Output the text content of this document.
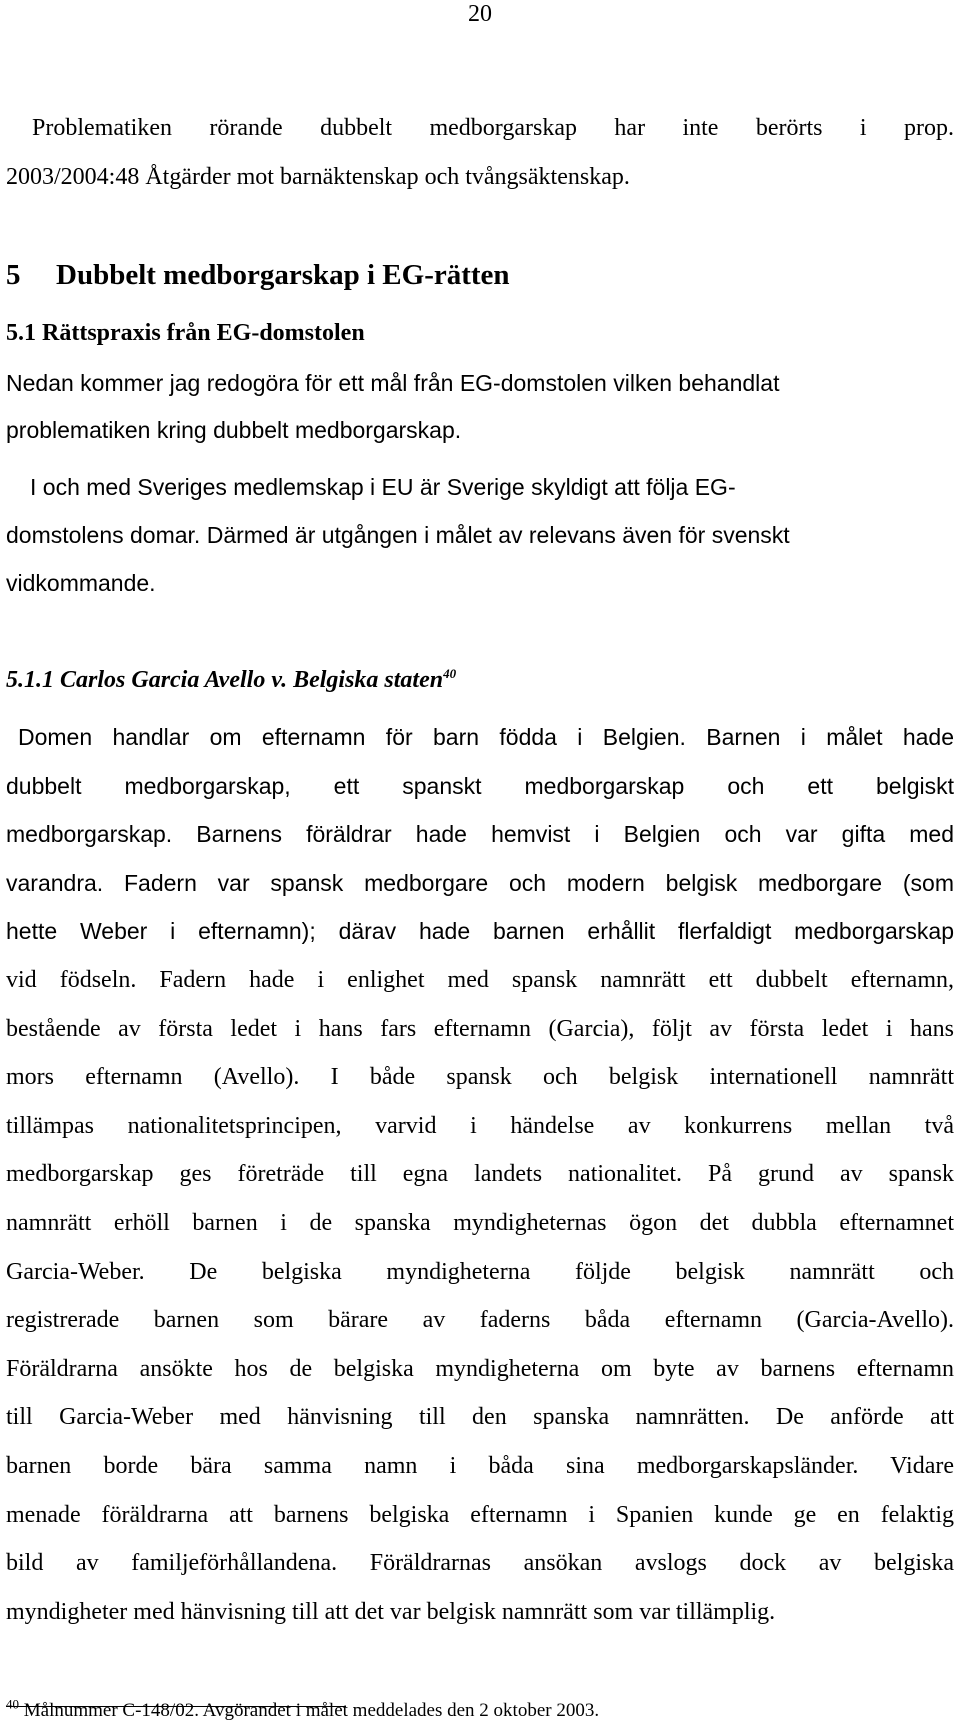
20
Problematiken rörande dubbelt medborgarskap har inte berörts i prop.
2003/2004:48 Åtgärder mot barnäktenskap och tvångsäktenskap.
5 Dubbelt medborgarskap i EG-rätten
5.1 Rättspraxis från EG-domstolen
Nedan kommer jag redogöra för ett mål från EG-domstolen vilken behandlat
problematiken kring dubbelt medborgarskap.
I och med Sveriges medlemskap i EU är Sverige skyldigt att följa EG-
domstolens domar. Därmed är utgången i målet av relevans även för svenskt
vidkommande.
5.1.1 Carlos Garcia Avello v. Belgiska staten$^{40}$
Domen handlar om efternamn för barn födda i Belgien. Barnen i målet hade
dubbelt medborgarskap, ett spanskt medborgarskap och ett belgiskt
medborgarskap. Barnens föräldrar hade hemvist i Belgien och var gifta med
varandra. Fadern var spansk medborgare och modern belgisk medborgare (som
hette Weber i efternamn); därav hade barnen erhållit flerfaldigt medborgarskap
vid födseln. Fadern hade i enlighet med spansk namnrätt ett dubbelt efternamn,
bestående av första ledet i hans fars efternamn (Garcia), följt av första ledet i hans
mors efternamn (Avello). I både spansk och belgisk internationell namnrätt
tillämpas nationalitetsprincipen, varvid i händelse av konkurrens mellan två
medborgarskap ges företräde till egna landets nationalitet. På grund av spansk
namnrätt erhöll barnen i de spanska myndigheternas ögon det dubbla efternamnet
Garcia-Weber. De belgiska myndigheterna följde belgisk namnrätt och
registrerade barnen som bärare av faderns båda efternamn (Garcia-Avello).
Föräldrarna ansökte hos de belgiska myndigheterna om byte av barnens efternamn
till Garcia-Weber med hänvisning till den spanska namnrätten. De anförde att
barnen borde bära samma namn i båda sina medborgarskapsländer. Vidare
menade föräldrarna att barnens belgiska efternamn i Spanien kunde ge en felaktig
bild av familjeförhållandena. Föräldrarnas ansökan avslogs dock av belgiska
myndigheter med hänvisning till att det var belgisk namnrätt som var tillämplig.
$^{40}$ Målnummer C-148/02. Avgörandet i målet meddelades den 2 oktober 2003.
